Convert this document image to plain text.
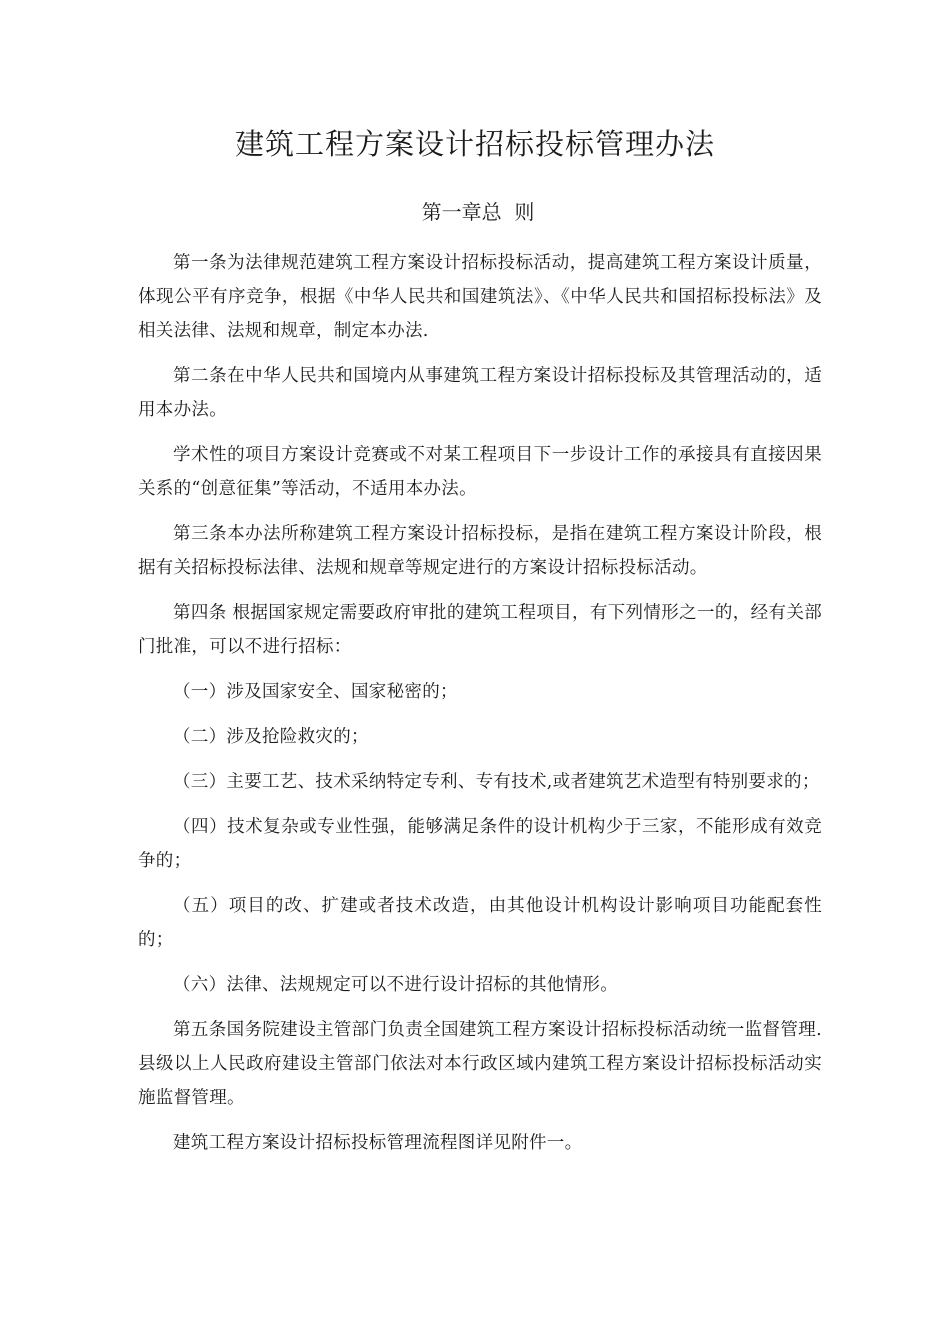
建筑工程方案设计招标投标管理办法
第一章总  则

第一条为法律规范建筑工程方案设计招标投标活动，提高建筑工程方案设计质量，体现公平有序竞争，根据《中华人民共和国建筑法》、《中华人民共和国招标投标法》及相关法律、法规和规章，制定本办法.

第二条在中华人民共和国境内从事建筑工程方案设计招标投标及其管理活动的，适用本办法。

学术性的项目方案设计竞赛或不对某工程项目下一步设计工作的承接具有直接因果关系的“创意征集”等活动，不适用本办法。

第三条本办法所称建筑工程方案设计招标投标，是指在建筑工程方案设计阶段，根据有关招标投标法律、法规和规章等规定进行的方案设计招标投标活动。

第四条 根据国家规定需要政府审批的建筑工程项目，有下列情形之一的，经有关部门批准，可以不进行招标：

（一）涉及国家安全、国家秘密的；

（二）涉及抢险救灾的；

（三）主要工艺、技术采纳特定专利、专有技术,或者建筑艺术造型有特别要求的；

（四）技术复杂或专业性强，能够满足条件的设计机构少于三家，不能形成有效竞争的；

（五）项目的改、扩建或者技术改造，由其他设计机构设计影响项目功能配套性的；

（六）法律、法规规定可以不进行设计招标的其他情形。

第五条国务院建设主管部门负责全国建筑工程方案设计招标投标活动统一监督管理.县级以上人民政府建设主管部门依法对本行政区域内建筑工程方案设计招标投标活动实施监督管理。

建筑工程方案设计招标投标管理流程图详见附件一。
